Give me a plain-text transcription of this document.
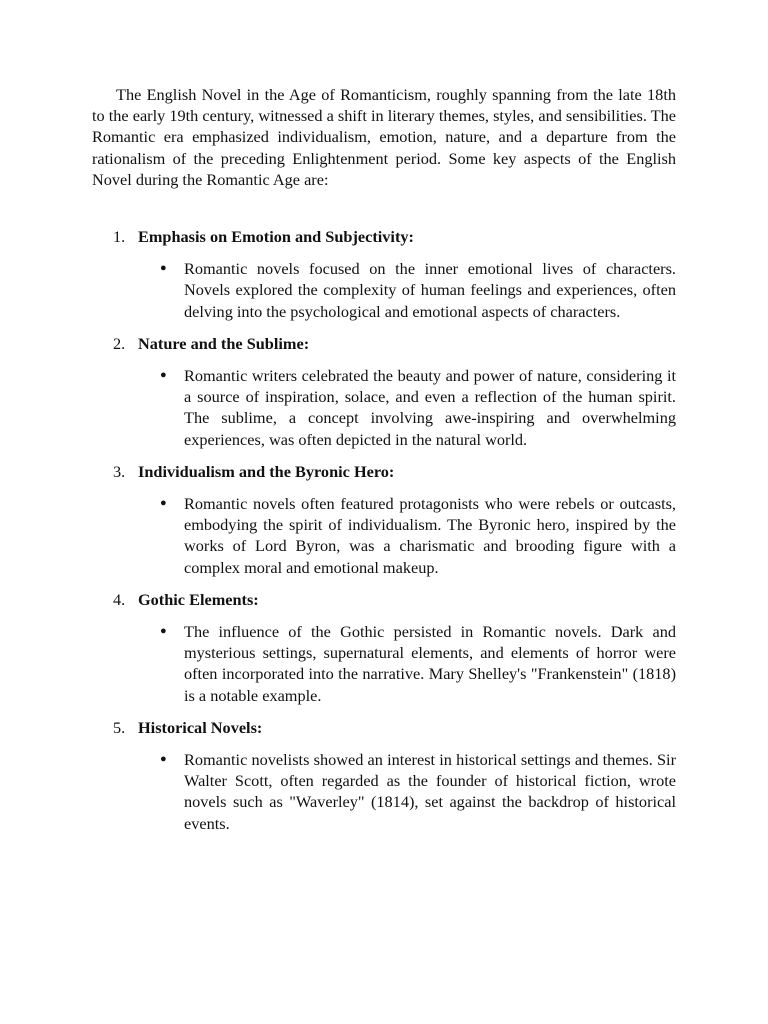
The English Novel in the Age of Romanticism, roughly spanning from the late 18th to the early 19th century, witnessed a shift in literary themes, styles, and sensibilities. The Romantic era emphasized individualism, emotion, nature, and a departure from the rationalism of the preceding Enlightenment period. Some key aspects of the English Novel during the Romantic Age are:

1. Emphasis on Emotion and Subjectivity:
●	Romantic novels focused on the inner emotional lives of characters. Novels explored the complexity of human feelings and experiences, often delving into the psychological and emotional aspects of characters.
2. Nature and the Sublime:
●	Romantic writers celebrated the beauty and power of nature, considering it a source of inspiration, solace, and even a reflection of the human spirit. The sublime, a concept involving awe-inspiring and overwhelming experiences, was often depicted in the natural world.
3. Individualism and the Byronic Hero:
●	Romantic novels often featured protagonists who were rebels or outcasts, embodying the spirit of individualism. The Byronic hero, inspired by the works of Lord Byron, was a charismatic and brooding figure with a complex moral and emotional makeup.
4. Gothic Elements:
●	The influence of the Gothic persisted in Romantic novels. Dark and mysterious settings, supernatural elements, and elements of horror were often incorporated into the narrative. Mary Shelley's "Frankenstein" (1818) is a notable example.
5. Historical Novels:
●	Romantic novelists showed an interest in historical settings and themes. Sir Walter Scott, often regarded as the founder of historical fiction, wrote novels such as "Waverley" (1814), set against the backdrop of historical events.
